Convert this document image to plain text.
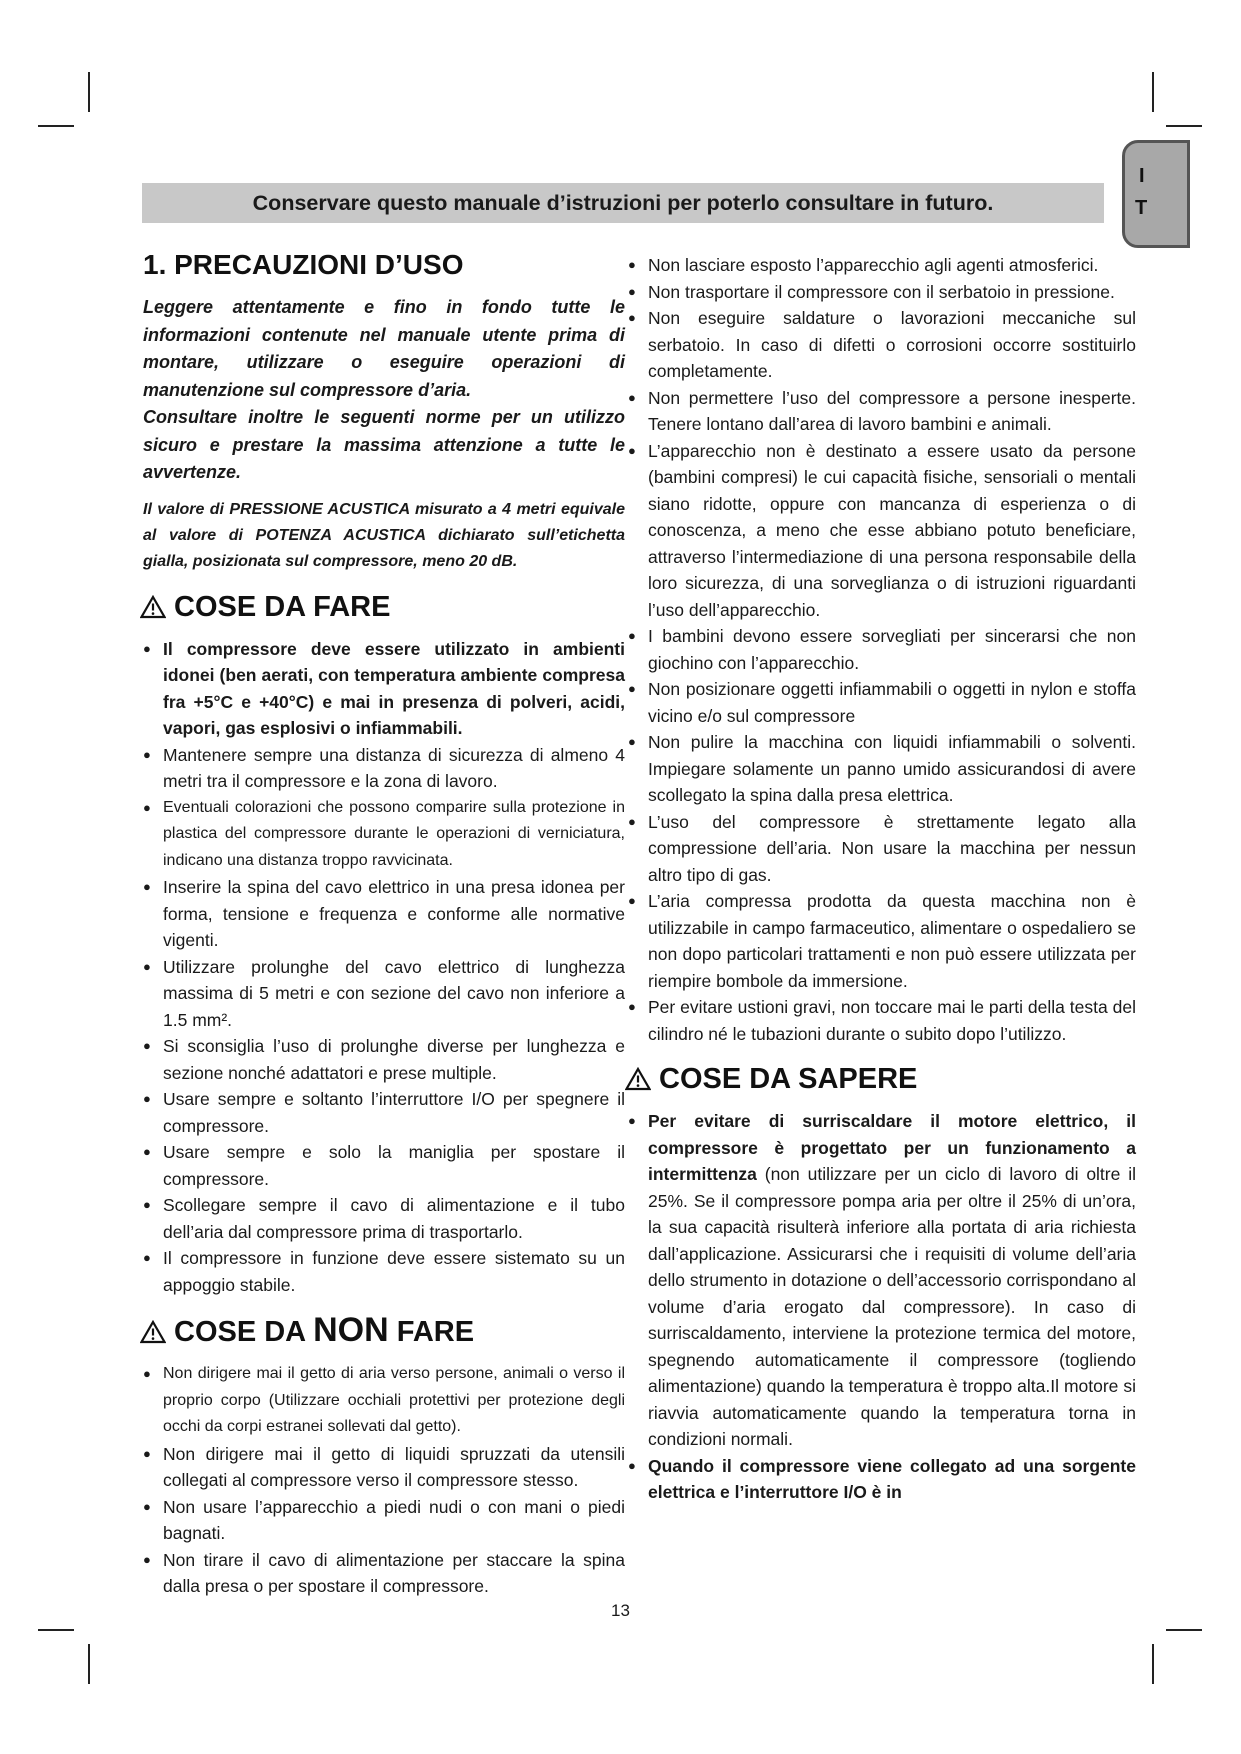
Conservare questo manuale d’istruzioni per poterlo consultare in futuro.
I
T
1. PRECAUZIONI D’USO

Leggere attentamente e fino in fondo tutte le informazioni contenute nel manuale utente prima di montare, utilizzare o eseguire operazioni di manutenzione sul compressore d’aria.

Consultare inoltre le seguenti norme per un utilizzo sicuro e prestare la massima attenzione a tutte le avvertenze.

Il valore di PRESSIONE ACUSTICA misurato a 4 metri equivale al valore di POTENZA ACUSTICA dichiarato sull’etichetta gialla, posizionata sul compressore, meno 20 dB.

COSE DA FARE
● Il compressore deve essere utilizzato in ambienti idonei (ben aerati, con temperatura ambiente compresa fra +5°C e +40°C) e mai in presenza di polveri, acidi, vapori, gas esplosivi o infiammabili.
● Mantenere sempre una distanza di sicurezza di almeno 4 metri tra il compressore e la zona di lavoro.
● Eventuali colorazioni che possono comparire sulla protezione in plastica del compressore durante le operazioni di verniciatura, indicano una distanza troppo ravvicinata.
● Inserire la spina del cavo elettrico in una presa idonea per forma, tensione e frequenza e conforme alle normative vigenti.
● Utilizzare prolunghe del cavo elettrico di lunghezza massima di 5 metri e con sezione del cavo non inferiore a 1.5 mm².
● Si sconsiglia l’uso di prolunghe diverse per lunghezza e sezione nonché adattatori e prese multiple.
● Usare sempre e soltanto l’interruttore I/O per spegnere il compressore.
● Usare sempre e solo la maniglia per spostare il compressore.
● Scollegare sempre il cavo di alimentazione e il tubo dell’aria dal compressore prima di trasportarlo.
● Il compressore in funzione deve essere sistemato su un appoggio stabile.
COSE DA NON FARE
● Non dirigere mai il getto di aria verso persone, animali o verso il proprio corpo (Utilizzare occhiali protettivi per protezione degli occhi da corpi estranei sollevati dal getto).
● Non dirigere mai il getto di liquidi spruzzati da utensili collegati al compressore verso il compressore stesso.
● Non usare l’apparecchio a piedi nudi o con mani o piedi bagnati.
● Non tirare il cavo di alimentazione per staccare la spina dalla presa o per spostare il compressore.
● Non lasciare esposto l’apparecchio agli agenti atmosferici.
● Non trasportare il compressore con il serbatoio in pressione.
● Non eseguire saldature o lavorazioni meccaniche sul serbatoio. In caso di difetti o corrosioni occorre sostituirlo completamente.
● Non permettere l’uso del compressore a persone inesperte. Tenere lontano dall’area di lavoro bambini e animali.
● L’apparecchio non è destinato a essere usato da persone (bambini compresi) le cui capacità fisiche, sensoriali o mentali siano ridotte, oppure con mancanza di esperienza o di conoscenza, a meno che esse abbiano potuto beneficiare, attraverso l’intermediazione di una persona responsabile della loro sicurezza, di una sorveglianza o di istruzioni riguardanti l’uso dell’apparecchio.
● I bambini devono essere sorvegliati per sincerarsi che non giochino con l’apparecchio.
● Non posizionare oggetti infiammabili o oggetti in nylon e stoffa vicino e/o sul compressore
● Non pulire la macchina con liquidi infiammabili o solventi. Impiegare solamente un panno umido assicurandosi di avere scollegato la spina dalla presa elettrica.
● L’uso del compressore è strettamente legato alla compressione dell’aria. Non usare la macchina per nessun altro tipo di gas.
● L’aria compressa prodotta da questa macchina non è utilizzabile in campo farmaceutico, alimentare o ospedaliero se non dopo particolari trattamenti e non può essere utilizzata per riempire bombole da immersione.
● Per evitare ustioni gravi, non toccare mai le parti della testa del cilindro né le tubazioni durante o subito dopo l’utilizzo.
COSE DA SAPERE
● Per evitare di surriscaldare il motore elettrico, il compressore è progettato per un funzionamento a intermittenza (non utilizzare per un ciclo di lavoro di oltre il 25%. Se il compressore pompa aria per oltre il 25% di un’ora, la sua capacità risulterà inferiore alla portata di aria richiesta dall’applicazione. Assicurarsi che i requisiti di volume dell’aria dello strumento in dotazione o dell’accessorio corrispondano al volume d’aria erogato dal compressore). In caso di surriscaldamento, interviene la protezione termica del motore, spegnendo automaticamente il compressore (togliendo alimentazione) quando la temperatura è troppo alta.Il motore si riavvia automaticamente quando la temperatura torna in condizioni normali.
● Quando il compressore viene collegato ad una sorgente elettrica e l’interruttore I/O è in
13
